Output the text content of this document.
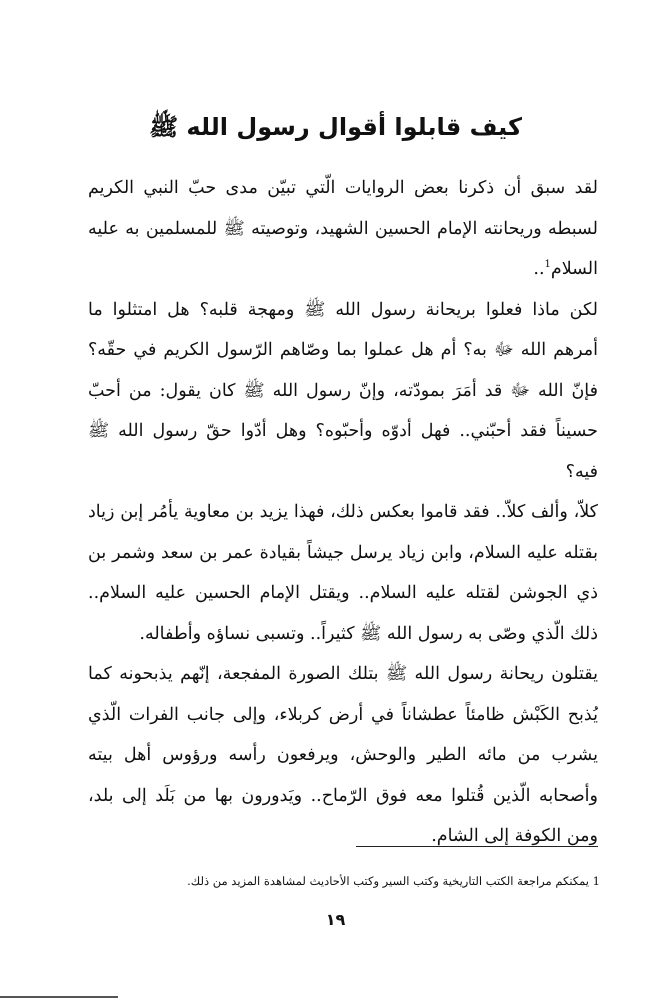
كيف قابلوا أقوال رسول الله ﷺ

لقد سبق أن ذكرنا بعض الروايات الّتي تبيّن مدى حبّ النبي الكريم لسبطه وريحانته الإمام الحسين الشهيد، وتوصيته ﷺ للمسلمين به عليه السلام$^1$..

لكن ماذا فعلوا بريحانة رسول الله ﷺ ومهجة قلبه؟ هل امتثلوا ما أمرهم الله ﷻ به؟ أم هل عملوا بما وصّاهم الرّسول الكريم في حقّه؟ فإنّ الله ﷻ قد أمَرَ بمودّته، وإنّ رسول الله ﷺ كان يقول: من أحبّ حسيناً فقد أحبّني.. فهل أدوّه وأحبّوه؟ وهل أدّوا حقّ رسول الله ﷺ فيه؟

كلاّ، وألف كلاّ.. فقد قاموا بعكس ذلك، فهذا يزيد بن معاوية يأمُر إبن زياد بقتله عليه السلام، وابن زياد يرسل جيشاً بقيادة عمر بن سعد وشمر بن ذي الجوشن لقتله عليه السلام.. ويقتل الإمام الحسين عليه السلام.. ذلك الّذي وصّى به رسول الله ﷺ كثيراً.. وتسبى نساؤه وأطفاله.

يقتلون ريحانة رسول الله ﷺ بتلك الصورة المفجعة، إنّهم يذبحونه كما يُذبح الكَبْش ظامئاً عطشاناً في أرض كربلاء، وإلى جانب الفرات الّذي يشرب من مائه الطير والوحش، ويرفعون رأسه ورؤوس أهل بيته وأصحابه الّذين قُتلوا معه فوق الرّماح.. ويَدورون بها من بَلَد إلى بلد، ومن الكوفة إلى الشام.

1 يمكنكم مراجعة الكتب التاريخية وكتب السير وكتب الأحاديث لمشاهدة المزيد من ذلك.
١٩
